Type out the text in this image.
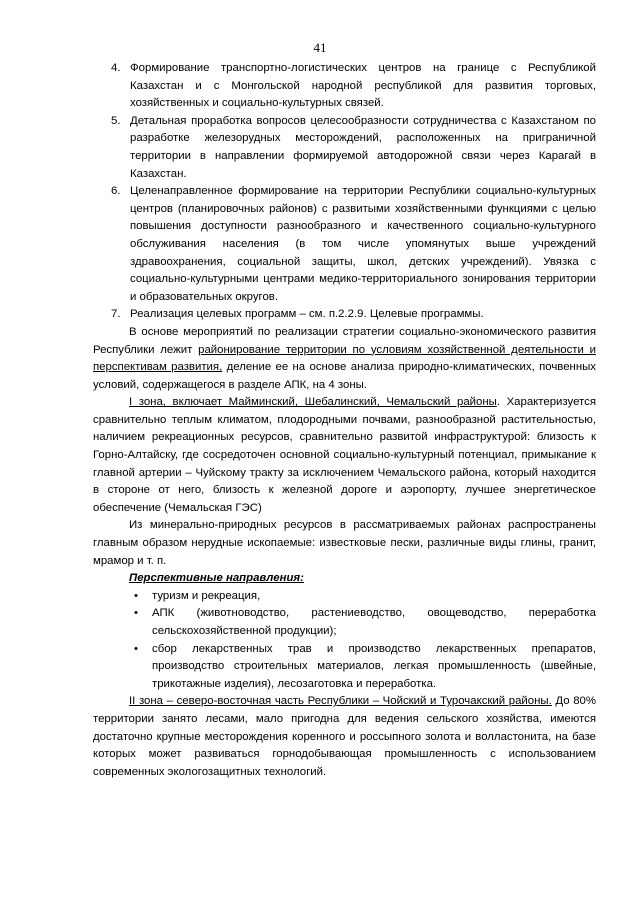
41
4. Формирование транспортно-логистических центров на границе с Республикой Казахстан и с Монгольской народной республикой для развития торговых, хозяйственных и социально-культурных связей.
5. Детальная проработка вопросов целесообразности сотрудничества с Казахстаном по разработке железорудных месторождений, расположенных на приграничной территории в направлении формируемой автодорожной связи через Карагай в Казахстан.
6. Целенаправленное формирование на территории Республики социально-культурных центров (планировочных районов) с развитыми хозяйственными функциями с целью повышения доступности разнообразного и качественного социально-культурного обслуживания населения (в том числе упомянутых выше учреждений здравоохранения, социальной защиты, школ, детских учреждений). Увязка с социально-культурными центрами медико-территориального зонирования территории и образовательных округов.
7. Реализация целевых программ – см. п.2.2.9. Целевые программы.

В основе мероприятий по реализации стратегии социально-экономического развития Республики лежит районирование территории по условиям хозяйственной деятельности и перспективам развития, деление ее на основе анализа природно-климатических, почвенных условий, содержащегося в разделе АПК, на 4 зоны.

I зона, включает Майминский, Шебалинский, Чемальский районы. Характеризуется сравнительно теплым климатом, плодородными почвами, разнообразной растительностью, наличием рекреационных ресурсов, сравнительно развитой инфраструктурой: близость к Горно-Алтайску, где сосредоточен основной социально-культурный потенциал, примыкание к главной артерии – Чуйскому тракту за исключением Чемальского района, который находится в стороне от него, близость к железной дороге и аэропорту, лучшее энергетическое обеспечение (Чемальская ГЭС)

Из минерально-природных ресурсов в рассматриваемых районах распространены главным образом нерудные ископаемые: известковые пески, различные виды глины, гранит, мрамор и т. п.

Перспективные направления:
• туризм и рекреация,
• АПК (животноводство, растениеводство, овощеводство, переработка сельскохозяйственной продукции);
• сбор лекарственных трав и производство лекарственных препаратов, производство строительных материалов, легкая промышленность (швейные, трикотажные изделия), лесозаготовка и переработка.

II зона – северо-восточная часть Республики – Чойский и Турочакский районы. До 80% территории занято лесами, мало пригодна для ведения сельского хозяйства, имеются достаточно крупные месторождения коренного и россыпного золота и волластонита, на базе которых может развиваться горнодобывающая промышленность с использованием современных экологозащитных технологий.
